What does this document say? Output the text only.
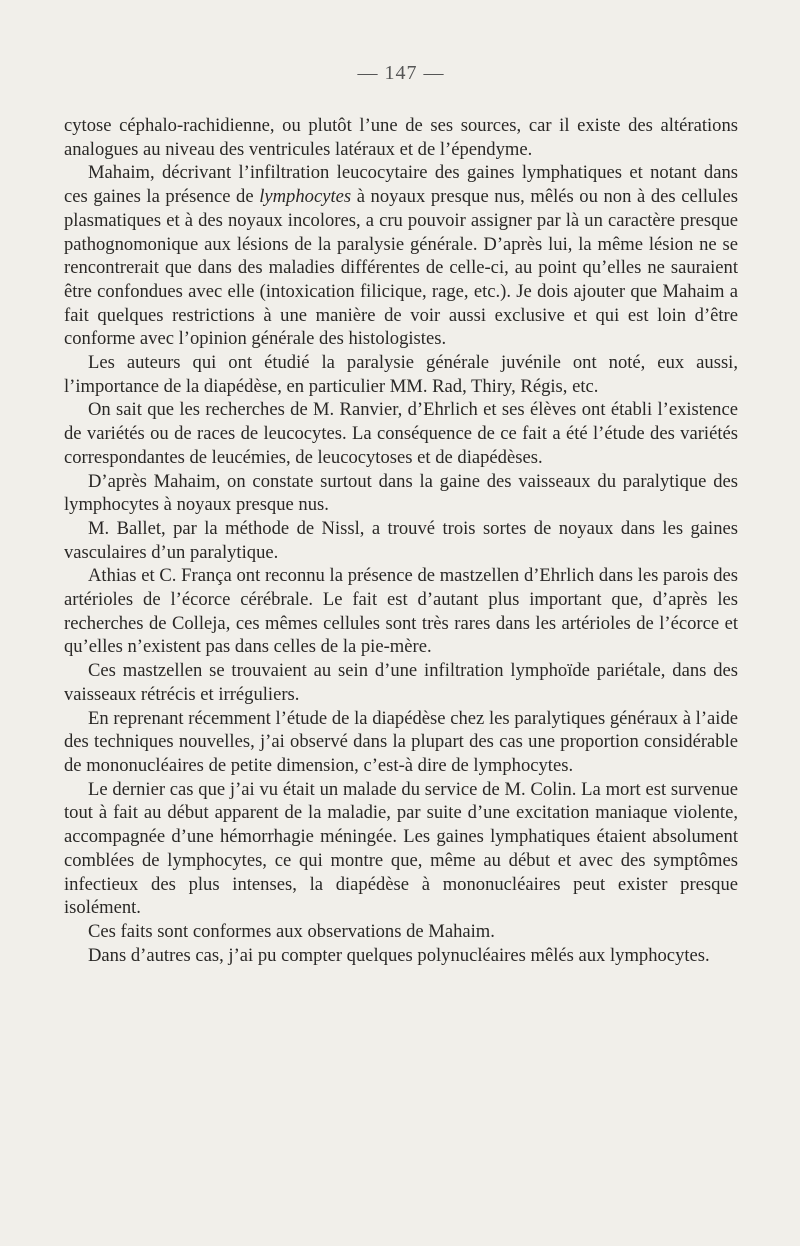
— 147 —

cytose céphalo-rachidienne, ou plutôt l’une de ses sources, car il existe des altérations analogues au niveau des ventricules latéraux et de l’épendyme.

Mahaim, décrivant l’infiltration leucocytaire des gaines lymphatiques et notant dans ces gaines la présence de lymphocytes à noyaux presque nus, mêlés ou non à des cellules plasmatiques et à des noyaux incolores, a cru pouvoir assigner par là un caractère presque pathognomonique aux lésions de la paralysie générale. D’après lui, la même lésion ne se rencontrerait que dans des maladies différentes de celle-ci, au point qu’elles ne sauraient être confondues avec elle (intoxication filicique, rage, etc.). Je dois ajouter que Mahaim a fait quelques restrictions à une manière de voir aussi exclusive et qui est loin d’être conforme avec l’opinion générale des histologistes.

Les auteurs qui ont étudié la paralysie générale juvénile ont noté, eux aussi, l’importance de la diapédèse, en particulier MM. Rad, Thiry, Régis, etc.

On sait que les recherches de M. Ranvier, d’Ehrlich et ses élèves ont établi l’existence de variétés ou de races de leucocytes. La conséquence de ce fait a été l’étude des variétés correspondantes de leucémies, de leucocytoses et de diapédèses.

D’après Mahaim, on constate surtout dans la gaine des vaisseaux du paralytique des lymphocytes à noyaux presque nus.

M. Ballet, par la méthode de Nissl, a trouvé trois sortes de noyaux dans les gaines vasculaires d’un paralytique.

Athias et C. França ont reconnu la présence de mastzellen d’Ehrlich dans les parois des artérioles de l’écorce cérébrale. Le fait est d’autant plus important que, d’après les recherches de Colleja, ces mêmes cellules sont très rares dans les artérioles de l’écorce et qu’elles n’existent pas dans celles de la pie-mère.

Ces mastzellen se trouvaient au sein d’une infiltration lymphoïde pariétale, dans des vaisseaux rétrécis et irréguliers.

En reprenant récemment l’étude de la diapédèse chez les paralytiques généraux à l’aide des techniques nouvelles, j’ai observé dans la plupart des cas une proportion considérable de mononucléaires de petite dimension, c’est-à dire de lymphocytes.

Le dernier cas que j’ai vu était un malade du service de M. Colin. La mort est survenue tout à fait au début apparent de la maladie, par suite d’une excitation maniaque violente, accompagnée d’une hémorrhagie méningée. Les gaines lymphatiques étaient absolument comblées de lymphocytes, ce qui montre que, même au début et avec des symptômes infectieux des plus intenses, la diapédèse à mononucléaires peut exister presque isolément.

Ces faits sont conformes aux observations de Mahaim.

Dans d’autres cas, j’ai pu compter quelques polynucléaires mêlés aux lymphocytes.
